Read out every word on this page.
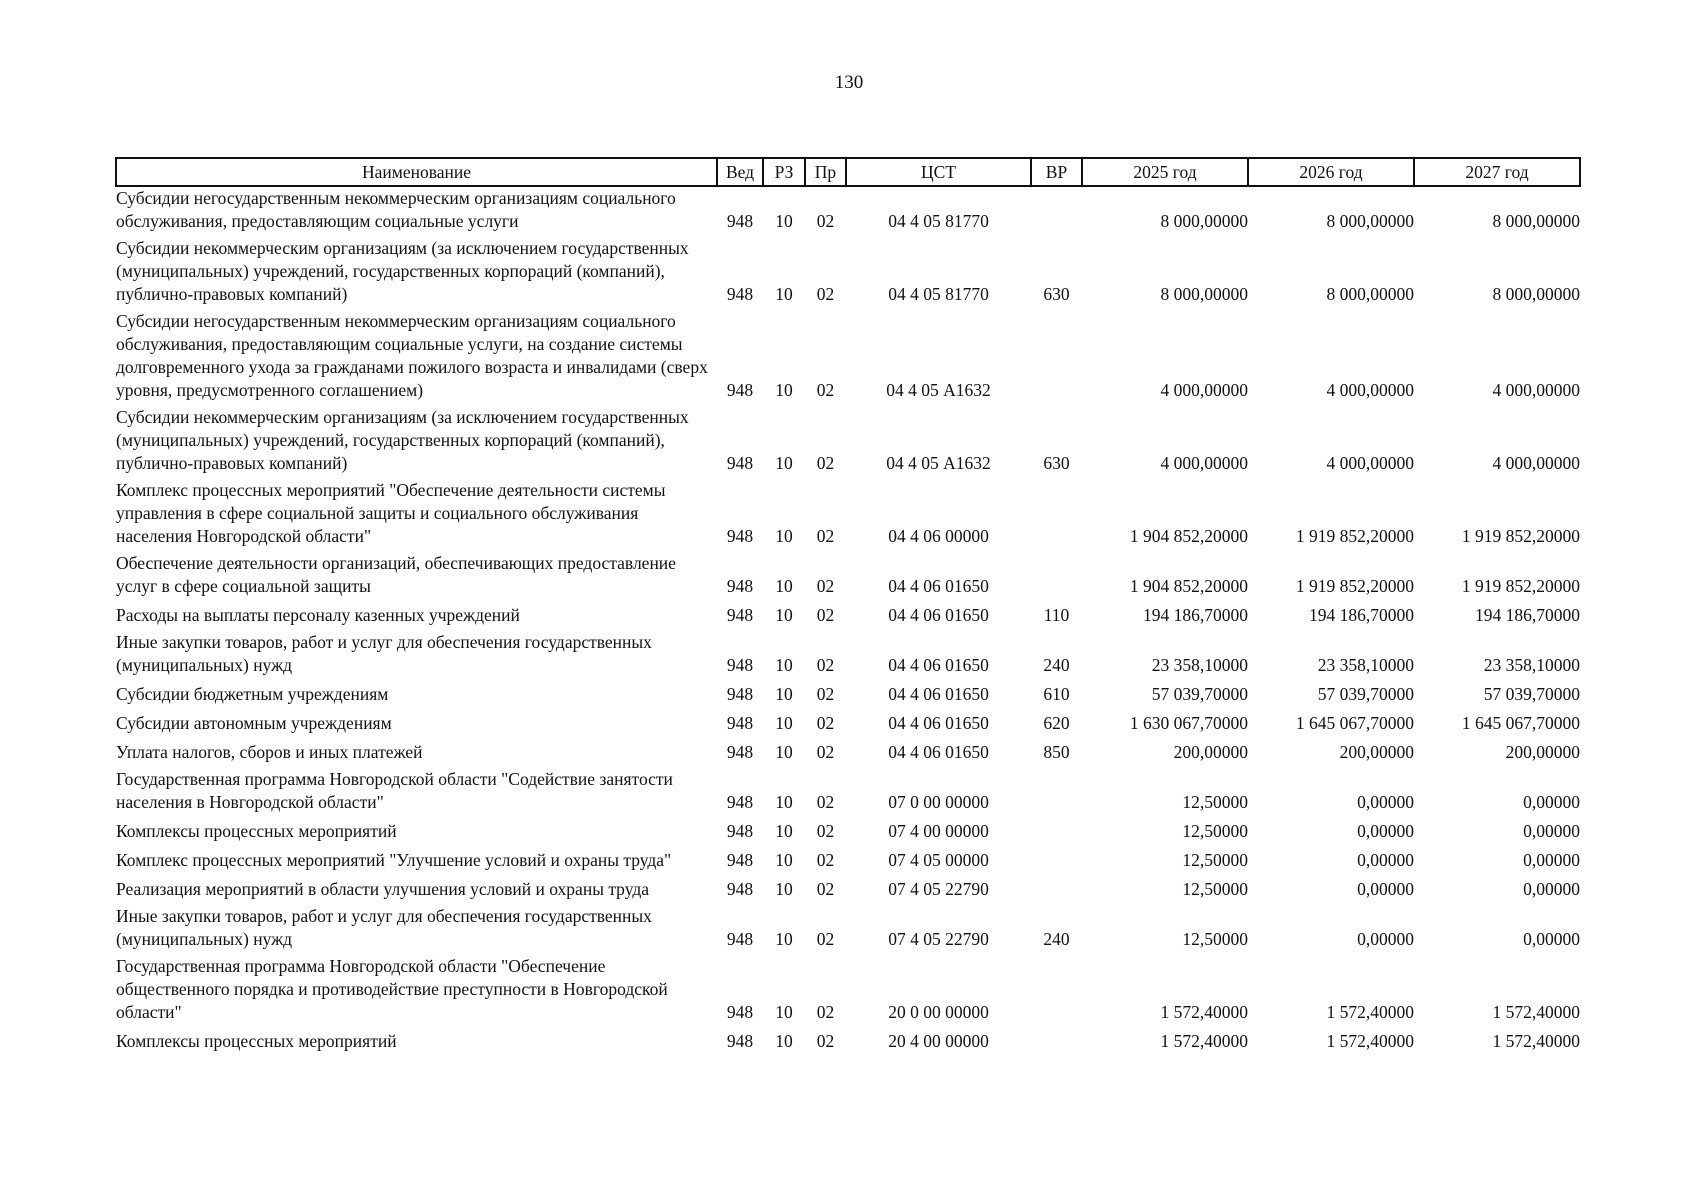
130
Наименование	Вед	РЗ	Пр	ЦСТ	ВР	2025 год	2026 год	2027 год
Субсидии негосударственным некоммерческим организациям социального обслуживания, предоставляющим социальные услуги	948	10	02	04 4 05 81770		8 000,00000	8 000,00000	8 000,00000
Субсидии некоммерческим организациям (за исключением государственных (муниципальных) учреждений, государственных корпораций (компаний), публично-правовых компаний)	948	10	02	04 4 05 81770	630	8 000,00000	8 000,00000	8 000,00000
Субсидии негосударственным некоммерческим организациям социального обслуживания, предоставляющим социальные услуги, на создание системы долговременного ухода за гражданами пожилого возраста и инвалидами (сверх уровня, предусмотренного соглашением)	948	10	02	04 4 05 А1632		4 000,00000	4 000,00000	4 000,00000
Субсидии некоммерческим организациям (за исключением государственных (муниципальных) учреждений, государственных корпораций (компаний), публично-правовых компаний)	948	10	02	04 4 05 А1632	630	4 000,00000	4 000,00000	4 000,00000
Комплекс процессных мероприятий "Обеспечение деятельности системы управления в сфере социальной защиты и социального обслуживания населения Новгородской области"	948	10	02	04 4 06 00000		1 904 852,20000	1 919 852,20000	1 919 852,20000
Обеспечение деятельности организаций, обеспечивающих предоставление услуг в сфере социальной защиты	948	10	02	04 4 06 01650		1 904 852,20000	1 919 852,20000	1 919 852,20000
Расходы на выплаты персоналу казенных учреждений	948	10	02	04 4 06 01650	110	194 186,70000	194 186,70000	194 186,70000
Иные закупки товаров, работ и услуг для обеспечения государственных (муниципальных) нужд	948	10	02	04 4 06 01650	240	23 358,10000	23 358,10000	23 358,10000
Субсидии бюджетным учреждениям	948	10	02	04 4 06 01650	610	57 039,70000	57 039,70000	57 039,70000
Субсидии автономным учреждениям	948	10	02	04 4 06 01650	620	1 630 067,70000	1 645 067,70000	1 645 067,70000
Уплата налогов, сборов и иных платежей	948	10	02	04 4 06 01650	850	200,00000	200,00000	200,00000
Государственная программа Новгородской области "Содействие занятости населения в Новгородской области"	948	10	02	07 0 00 00000		12,50000	0,00000	0,00000
Комплексы процессных мероприятий	948	10	02	07 4 00 00000		12,50000	0,00000	0,00000
Комплекс процессных мероприятий "Улучшение условий и охраны труда"	948	10	02	07 4 05 00000		12,50000	0,00000	0,00000
Реализация мероприятий в области улучшения условий и охраны труда	948	10	02	07 4 05 22790		12,50000	0,00000	0,00000
Иные закупки товаров, работ и услуг для обеспечения государственных (муниципальных) нужд	948	10	02	07 4 05 22790	240	12,50000	0,00000	0,00000
Государственная программа Новгородской области "Обеспечение общественного порядка и противодействие преступности в Новгородской области"	948	10	02	20 0 00 00000		1 572,40000	1 572,40000	1 572,40000
Комплексы процессных мероприятий	948	10	02	20 4 00 00000		1 572,40000	1 572,40000	1 572,40000
